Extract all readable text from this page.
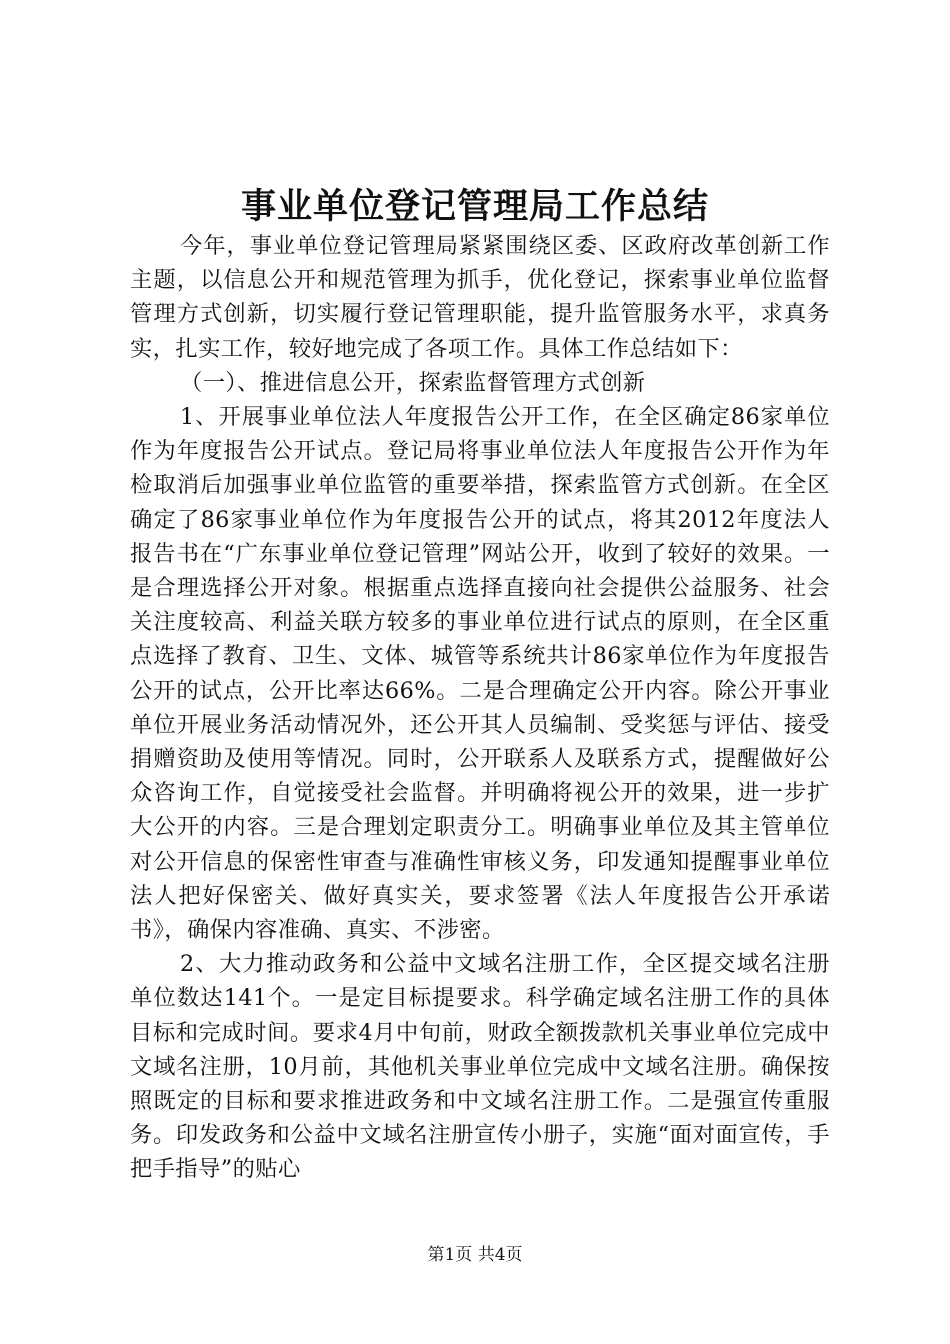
事业单位登记管理局工作总结

今年，事业单位登记管理局紧紧围绕区委、区政府改革创新工作主题，以信息公开和规范管理为抓手，优化登记，探索事业单位监督管理方式创新，切实履行登记管理职能，提升监管服务水平，求真务实，扎实工作，较好地完成了各项工作。具体工作总结如下：

（一）、推进信息公开，探索监督管理方式创新

1、开展事业单位法人年度报告公开工作，在全区确定86家单位作为年度报告公开试点。登记局将事业单位法人年度报告公开作为年检取消后加强事业单位监管的重要举措，探索监管方式创新。在全区确定了86家事业单位作为年度报告公开的试点，将其2012年度法人报告书在“广东事业单位登记管理”网站公开，收到了较好的效果。一是合理选择公开对象。根据重点选择直接向社会提供公益服务、社会关注度较高、利益关联方较多的事业单位进行试点的原则，在全区重点选择了教育、卫生、文体、城管等系统共计86家单位作为年度报告公开的试点，公开比率达66%。二是合理确定公开内容。除公开事业单位开展业务活动情况外，还公开其人员编制、受奖惩与评估、接受捐赠资助及使用等情况。同时，公开联系人及联系方式，提醒做好公众咨询工作，自觉接受社会监督。并明确将视公开的效果，进一步扩大公开的内容。三是合理划定职责分工。明确事业单位及其主管单位对公开信息的保密性审查与准确性审核义务，印发通知提醒事业单位法人把好保密关、做好真实关，要求签署《法人年度报告公开承诺书》，确保内容准确、真实、不涉密。

2、大力推动政务和公益中文域名注册工作，全区提交域名注册单位数达141个。一是定目标提要求。科学确定域名注册工作的具体目标和完成时间。要求4月中旬前，财政全额拨款机关事业单位完成中文域名注册，10月前，其他机关事业单位完成中文域名注册。确保按照既定的目标和要求推进政务和中文域名注册工作。二是强宣传重服务。印发政务和公益中文域名注册宣传小册子，实施“面对面宣传，手把手指导”的贴心

第1页 共4页
